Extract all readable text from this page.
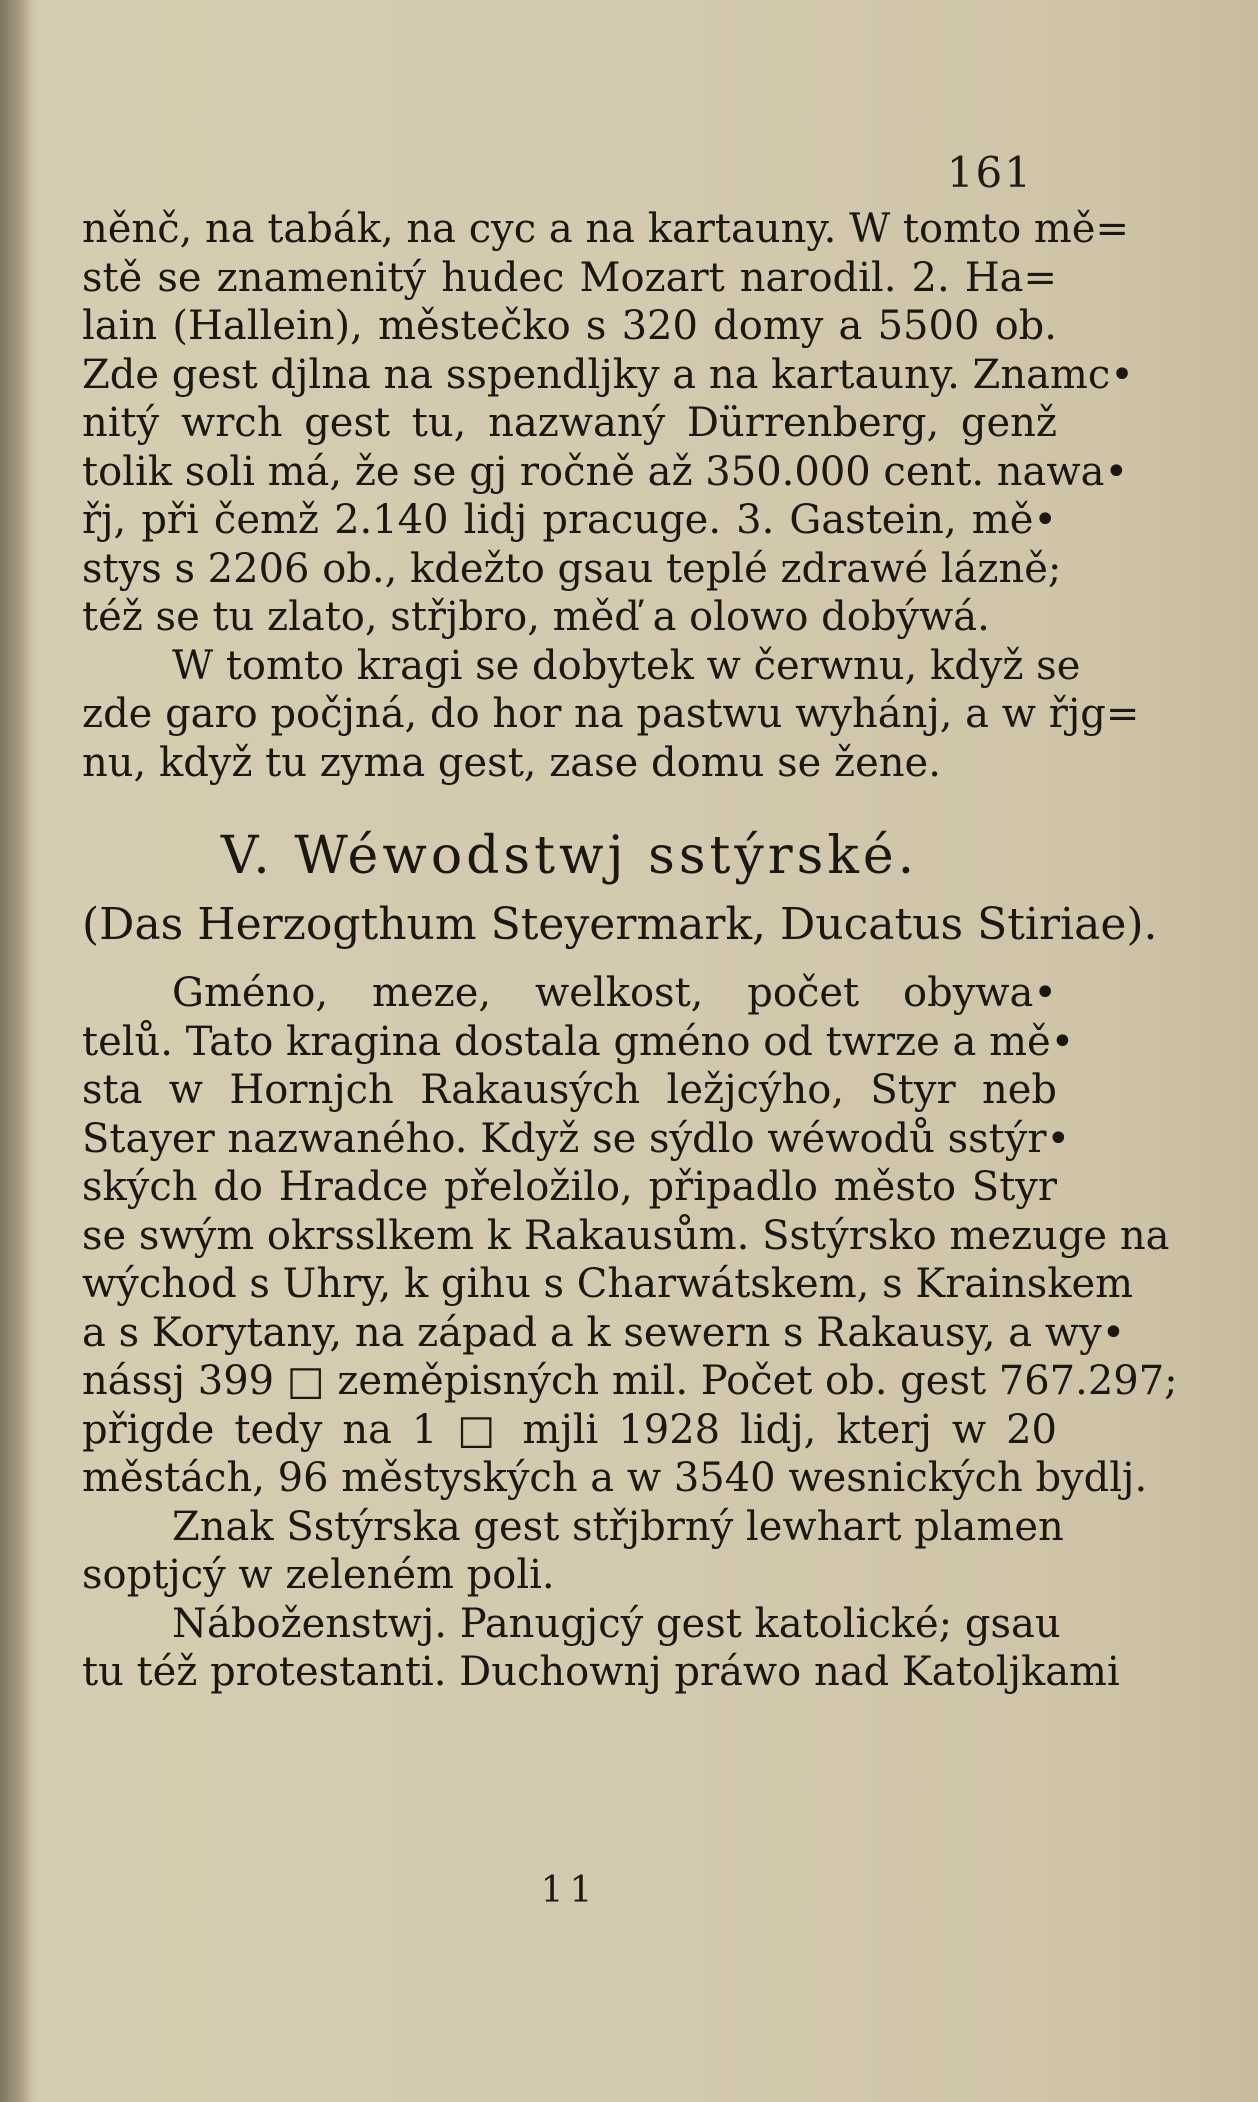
161
něnč, na tabák, na cyc a na kartauny. W tomto mě=
stě se znamenitý hudec Mozart narodil. 2. Ha=
lain (Hallein), městečko s 320 domy a 5500 ob.
Zde gest djlna na sspendljky a na kartauny. Znamc•
nitý wrch gest tu, nazwaný Dürrenberg, genž
tolik soli má, že se gj ročně až 350.000 cent. nawa•
řj, při čemž 2.140 lidj pracuge. 3. Gastein, mě•
stys s 2206 ob., kdežto gsau teplé zdrawé lázně;
též se tu zlato, střjbro, měď a olowo dobýwá.
W tomto kragi se dobytek w čerwnu, když se
zde garo počjná, do hor na pastwu wyhánj, a w řjg=
nu, když tu zyma gest, zase domu se žene.
V. Wéwodstwj sstýrské.
(Das Herzogthum Steyermark, Ducatus Stiriae).
Gméno, meze, welkost, počet obywa•
telů. Tato kragina dostala gméno od twrze a mě•
sta w Hornjch Rakausých ležjcýho, Styr neb
Stayer nazwaného. Když se sýdlo wéwodů sstýr•
ských do Hradce přeložilo, připadlo město Styr
se swým okrsslkem k Rakausům. Sstýrsko mezuge na
wýchod s Uhry, k gihu s Charwátskem, s Krainskem
a s Korytany, na západ a k sewern s Rakausy, a wy•
nássj 399 □ zeměpisných mil. Počet ob. gest 767.297;
přigde tedy na 1 □ mjli 1928 lidj, kterj w 20
městách, 96 městyských a w 3540 wesnických bydlj.
Znak Sstýrska gest střjbrný lewhart plamen
soptjcý w zeleném poli.
Náboženstwj. Panugjcý gest katolické; gsau
tu též protestanti. Duchownj práwo nad Katoljkami
11
